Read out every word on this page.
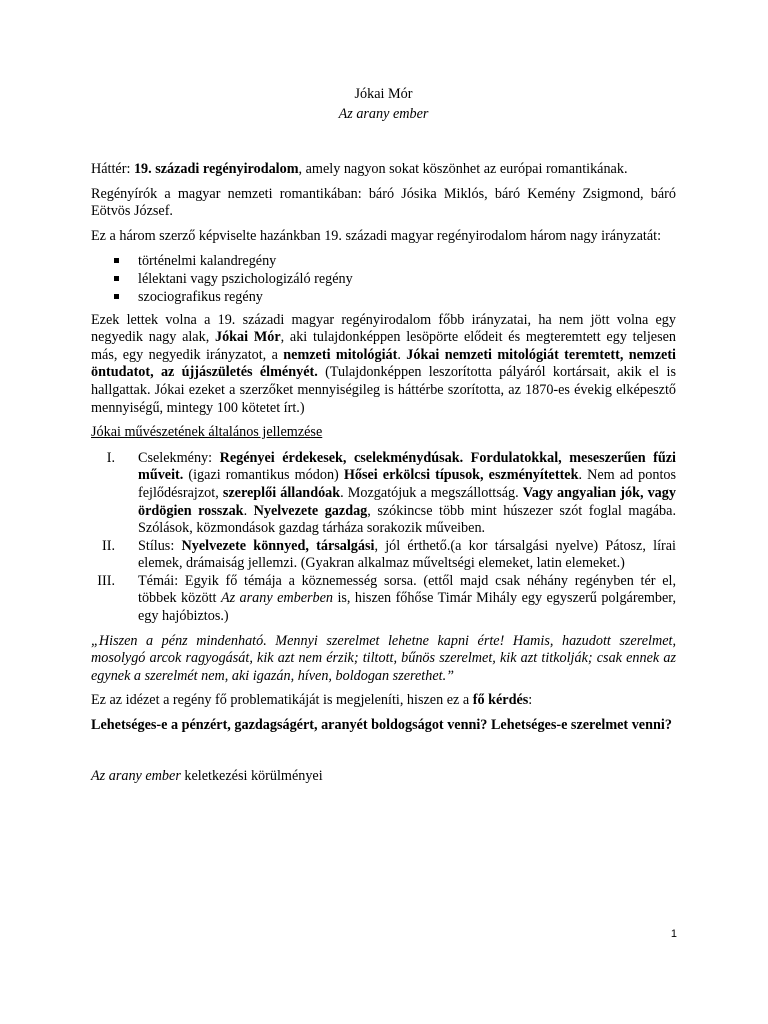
Jókai Mór
Az arany ember

Háttér: 19. századi regényirodalom, amely nagyon sokat köszönhet az európai romantikának.

Regényírók a magyar nemzeti romantikában: báró Jósika Miklós, báró Kemény Zsigmond, báró Eötvös József.

Ez a három szerző képviselte hazánkban 19. századi magyar regényirodalom három nagy irányzatát:

történelmi kalandregény
lélektani vagy pszichologizáló regény
szociografikus regény

Ezek lettek volna a 19. századi magyar regényirodalom főbb irányzatai, ha nem jött volna egy negyedik nagy alak, Jókai Mór, aki tulajdonképpen lesöpörte elődeit és megteremtett egy teljesen más, egy negyedik irányzatot, a nemzeti mitológiát. Jókai nemzeti mitológiát teremtett, nemzeti öntudatot, az újjászületés élményét. (Tulajdonképpen leszorította pályáról kortársait, akik el is hallgattak. Jókai ezeket a szerzőket mennyiségileg is háttérbe szorította, az 1870-es évekig elképesztő mennyiségű, mintegy 100 kötetet írt.)

Jókai művészetének általános jellemzése

I. Cselekmény: Regényei érdekesek, cselekménydúsak. Fordulatokkal, meseszerűen fűzi műveit. (igazi romantikus módon) Hősei erkölcsi típusok, eszményítettek. Nem ad pontos fejlődésrajzot, szereplői állandóak. Mozgatójuk a megszállottság. Vagy angyalian jók, vagy ördögien rosszak. Nyelvezete gazdag, szókincse több mint húszezer szót foglal magába. Szólások, közmondások gazdag tárháza sorakozik műveiben.
II. Stílus: Nyelvezete könnyed, társalgási, jól érthető.(a kor társalgási nyelve) Pátosz, lírai elemek, drámaiság jellemzi. (Gyakran alkalmaz műveltségi elemeket, latin elemeket.)
III. Témái: Egyik fő témája a köznemesség sorsa. (ettől majd csak néhány regényben tér el, többek között Az arany emberben is, hiszen főhőse Timár Mihály egy egyszerű polgárember, egy hajóbiztos.)

„Hiszen a pénz mindenható. Mennyi szerelmet lehetne kapni érte! Hamis, hazudott szerelmet, mosolygó arcok ragyogását, kik azt nem érzik; tiltott, bűnös szerelmet, kik azt titkolják; csak ennek az egynek a szerelmét nem, aki igazán, híven, boldogan szerethet.”

Ez az idézet a regény fő problematikáját is megjeleníti, hiszen ez a fő kérdés:

Lehetséges-e a pénzért, gazdagságért, aranyét boldogságot venni? Lehetséges-e szerelmet venni?

Az arany ember keletkezési körülményei

1
